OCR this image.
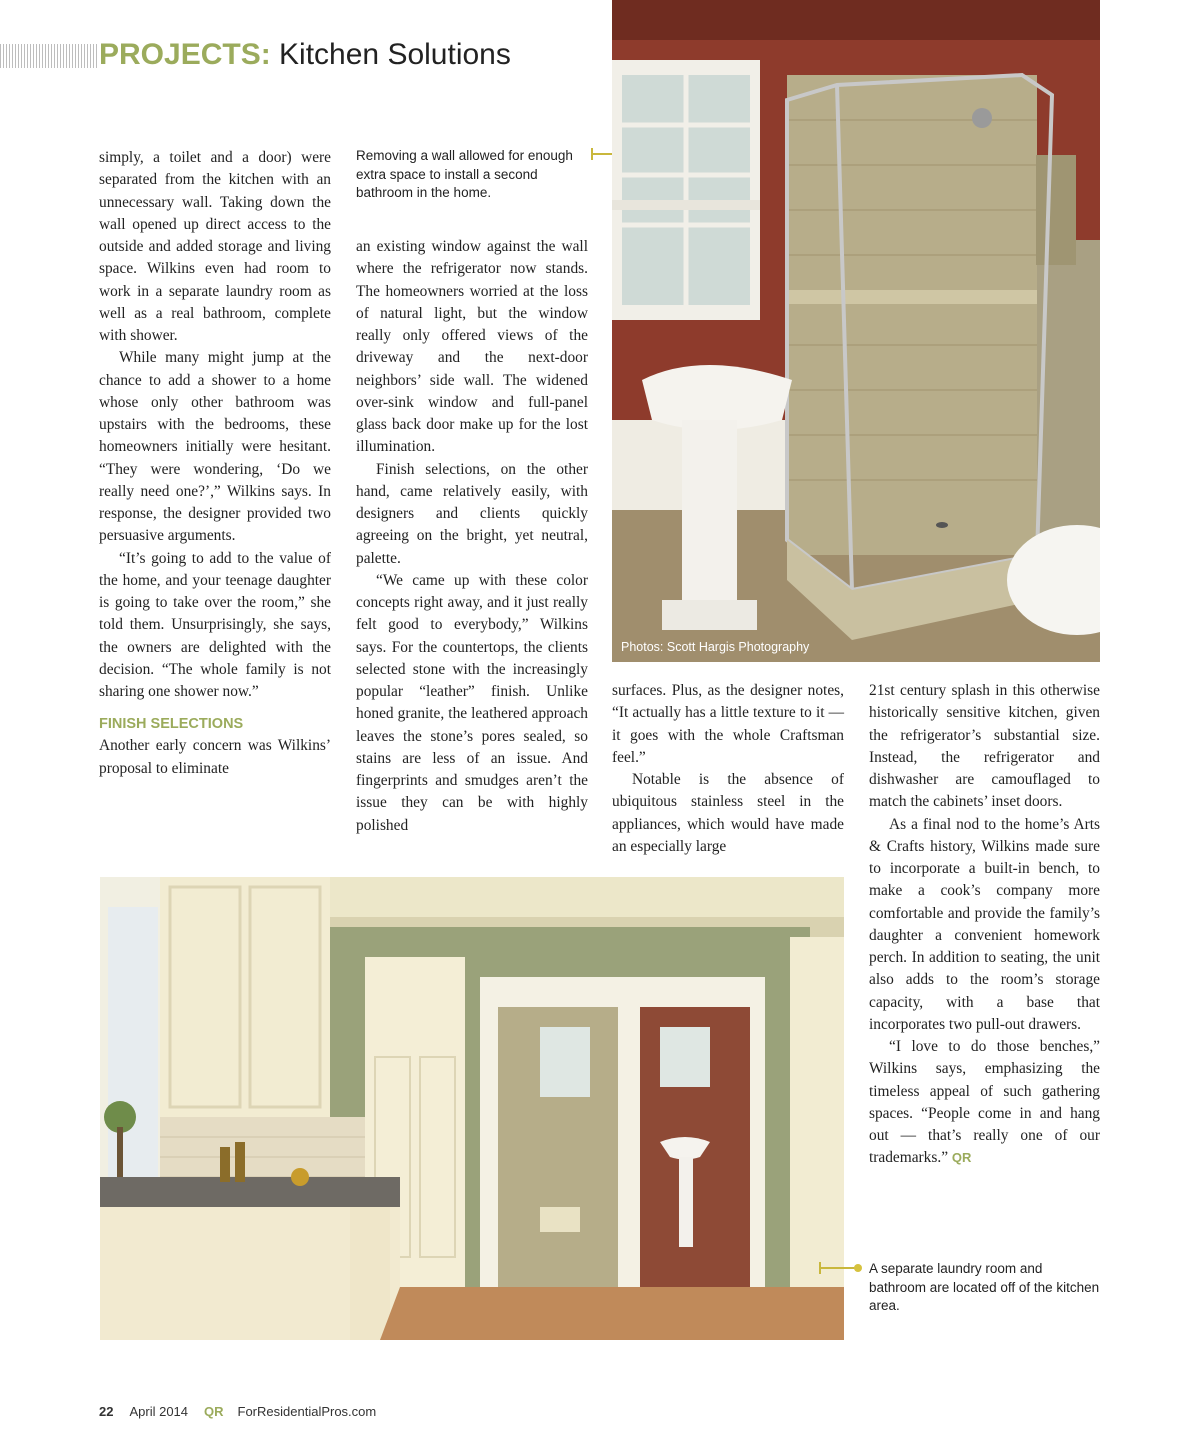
PROJECTS: Kitchen Solutions

simply, a toilet and a door) were separated from the kitchen with an unnecessary wall. Taking down the wall opened up direct access to the outside and added storage and living space. Wilkins even had room to work in a separate laundry room as well as a real bathroom, complete with shower.

While many might jump at the chance to add a shower to a home whose only other bathroom was upstairs with the bedrooms, these homeowners initially were hesitant. “They were wondering, ‘Do we really need one?’,” Wilkins says. In response, the designer provided two persuasive arguments.

“It’s going to add to the value of the home, and your teenage daughter is going to take over the room,” she told them. Unsurprisingly, she says, the owners are delighted with the decision. “The whole family is not sharing one shower now.”

FINISH SELECTIONS

Another early concern was Wilkins’ proposal to eliminate

Removing a wall allowed for enough extra space to install a second bathroom in the home.

an existing window against the wall where the refrigerator now stands. The homeowners worried at the loss of natural light, but the window really only offered views of the driveway and the next-door neighbors’ side wall. The widened over-sink window and full-panel glass back door make up for the lost illumination.

Finish selections, on the other hand, came relatively easily, with designers and clients quickly agreeing on the bright, yet neutral, palette.

“We came up with these color concepts right away, and it just really felt good to everybody,” Wilkins says. For the countertops, the clients selected stone with the increasingly popular “leather” finish. Unlike honed granite, the leathered approach leaves the stone’s pores sealed, so stains are less of an issue. And fingerprints and smudges aren’t the issue they can be with highly polished

Photos: Scott Hargis Photography

surfaces. Plus, as the designer notes, “It actually has a little texture to it — it goes with the whole Craftsman feel.”

Notable is the absence of ubiquitous stainless steel in the appliances, which would have made an especially large

21st century splash in this otherwise historically sensitive kitchen, given the refrigerator’s substantial size. Instead, the refrigerator and dishwasher are camouflaged to match the cabinets’ inset doors.

As a final nod to the home’s Arts & Crafts history, Wilkins made sure to incorporate a built-in bench, to make a cook’s company more comfortable and provide the family’s daughter a convenient homework perch. In addition to seating, the unit also adds to the room’s storage capacity, with a base that incorporates two pull-out drawers.

“I love to do those benches,” Wilkins says, emphasizing the timeless appeal of such gathering spaces. “People come in and hang out — that’s really one of our trademarks.” QR

A separate laundry room and bathroom are located off of the kitchen area.
22 April 2014 QR ForResidentialPros.com
